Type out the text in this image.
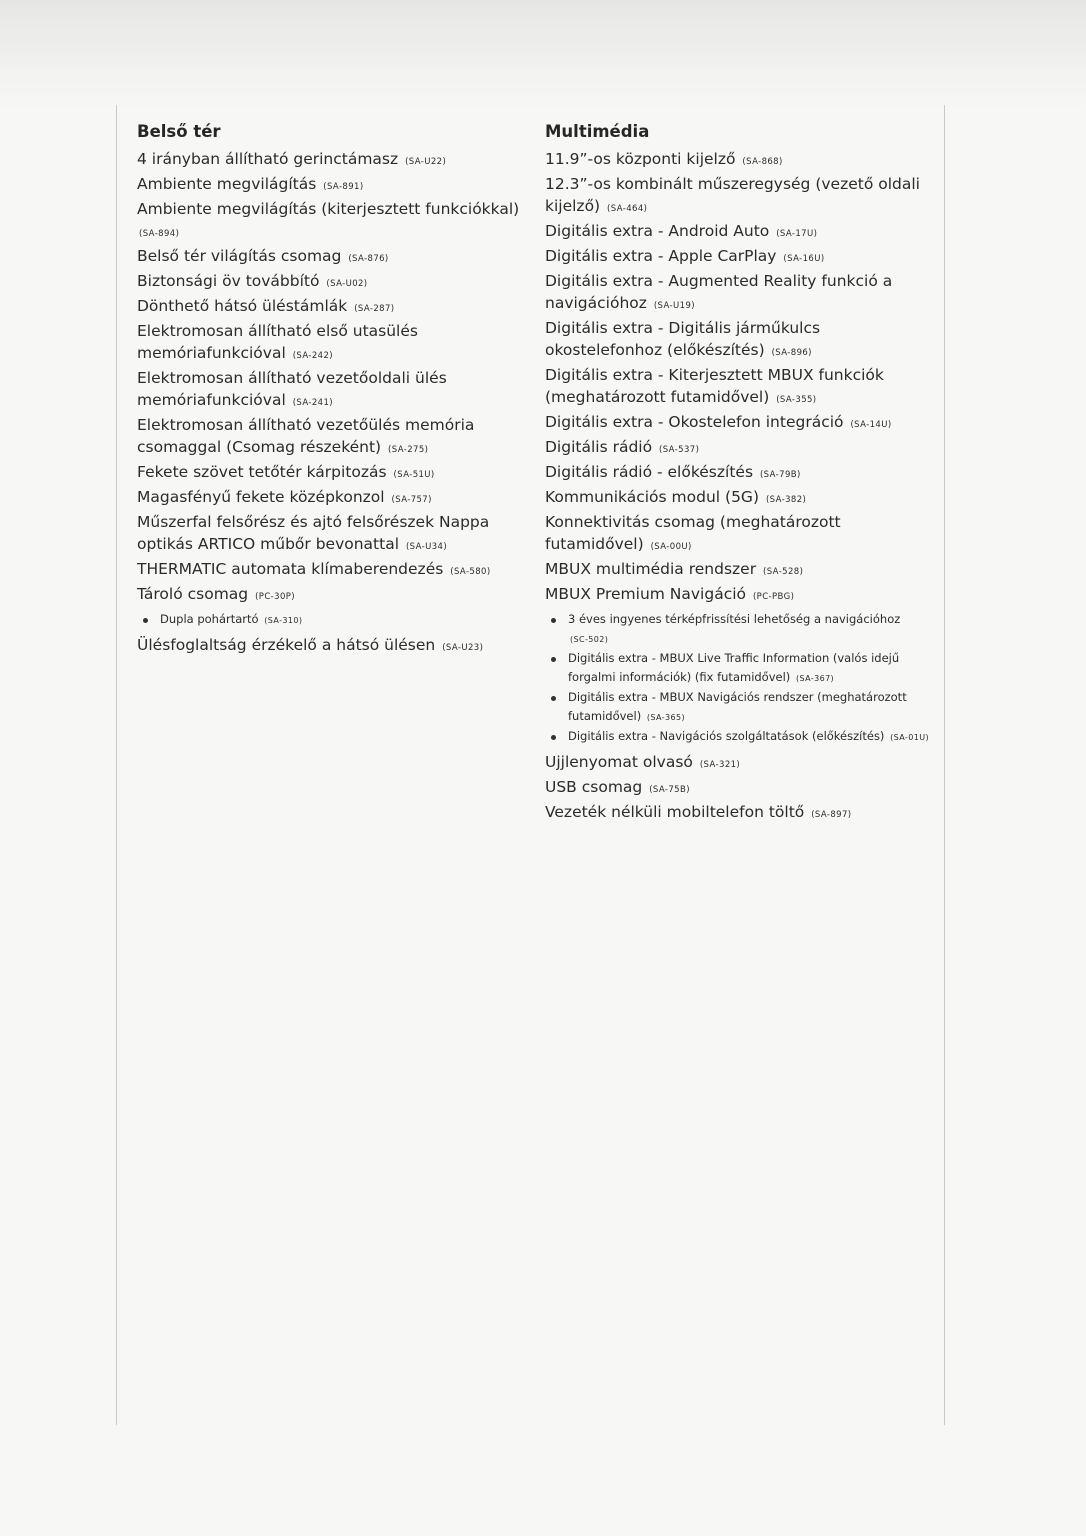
Belső tér

4 irányban állítható gerinctámasz (SA-U22)

Ambiente megvilágítás (SA-891)

Ambiente megvilágítás (kiterjesztett funkciókkal) (SA-894)

Belső tér világítás csomag (SA-876)

Biztonsági öv továbbító (SA-U02)

Dönthető hátsó üléstámlák (SA-287)

Elektromosan állítható első utasülés memóriafunkcióval (SA-242)

Elektromosan állítható vezetőoldali ülés memóriafunkcióval (SA-241)

Elektromosan állítható vezetőülés memória csomaggal (Csomag részeként) (SA-275)

Fekete szövet tetőtér kárpitozás (SA-51U)

Magasfényű fekete középkonzol (SA-757)

Műszerfal felsőrész és ajtó felsőrészek Nappa optikás ARTICO műbőr bevonattal (SA-U34)

THERMATIC automata klímaberendezés (SA-580)

Tároló csomag (PC-30P)

Dupla pohártartó (SA-310)

Ülésfoglaltság érzékelő a hátsó ülésen (SA-U23)

Multimédia

11.9”-os központi kijelző (SA-868)

12.3”-os kombinált műszeregység (vezető oldali kijelző) (SA-464)

Digitális extra - Android Auto (SA-17U)

Digitális extra - Apple CarPlay (SA-16U)

Digitális extra - Augmented Reality funkció a navigációhoz (SA-U19)

Digitális extra - Digitális járműkulcs okostelefonhoz (előkészítés) (SA-896)

Digitális extra - Kiterjesztett MBUX funkciók (meghatározott futamidővel) (SA-355)

Digitális extra - Okostelefon integráció (SA-14U)

Digitális rádió (SA-537)

Digitális rádió - előkészítés (SA-79B)

Kommunikációs modul (5G) (SA-382)

Konnektivitás csomag (meghatározott futamidővel) (SA-00U)

MBUX multimédia rendszer (SA-528)

MBUX Premium Navigáció (PC-PBG)

3 éves ingyenes térképfrissítési lehetőség a navigációhoz (SC-502)
Digitális extra - MBUX Live Traffic Information (valós idejű forgalmi információk) (fix futamidővel) (SA-367)
Digitális extra - MBUX Navigációs rendszer (meghatározott futamidővel) (SA-365)
Digitális extra - Navigációs szolgáltatások (előkészítés) (SA-01U)

Ujjlenyomat olvasó (SA-321)

USB csomag (SA-75B)

Vezeték nélküli mobiltelefon töltő (SA-897)
